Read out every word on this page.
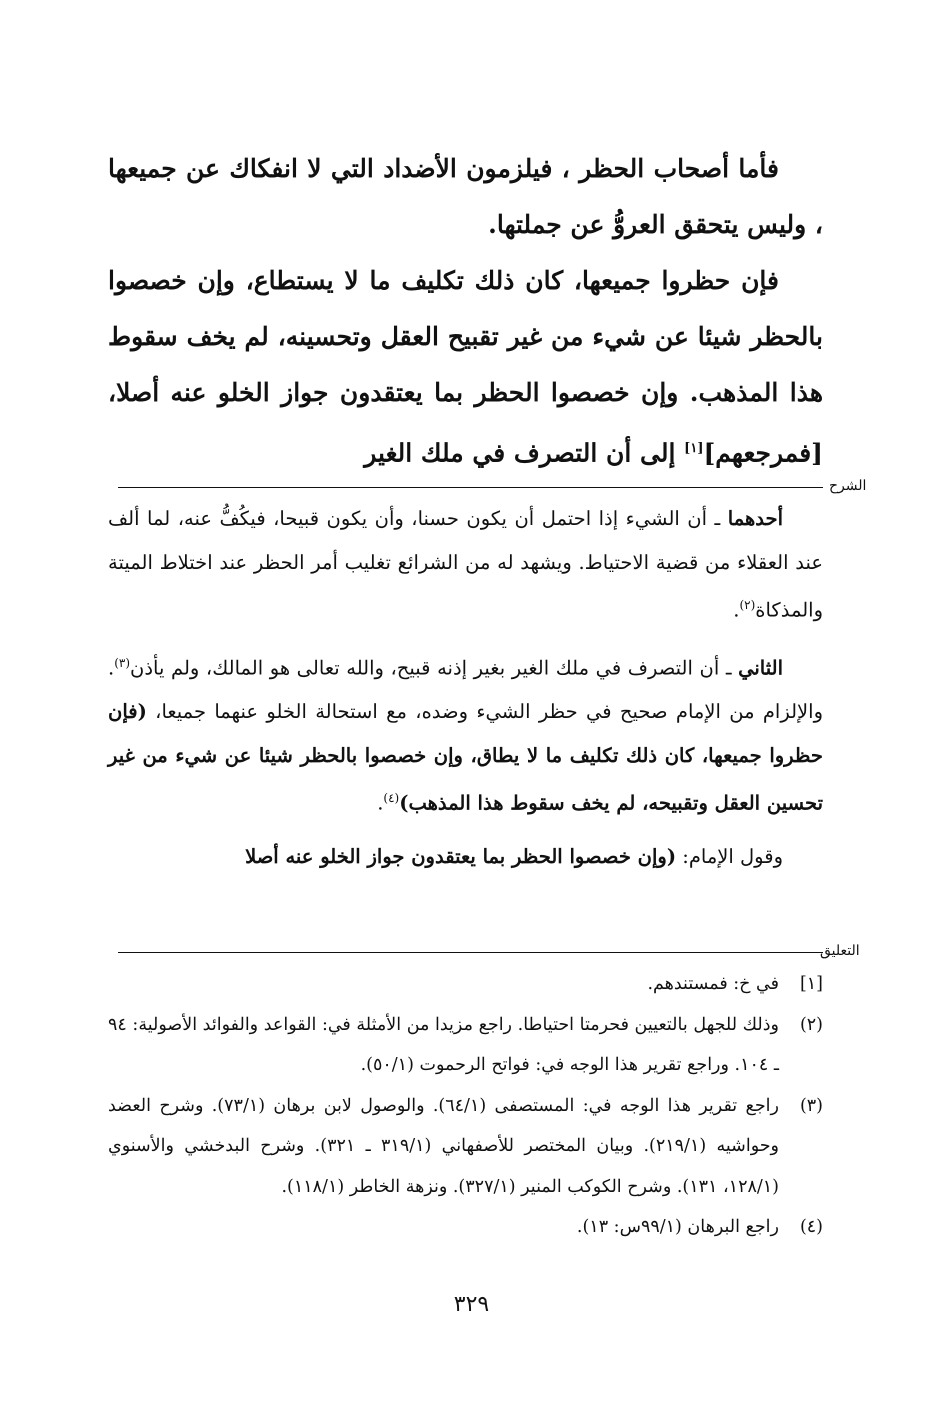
فأما أصحاب الحظر ، فيلزمون الأضداد التي لا انفكاك عن جميعها ، وليس يتحقق العروُّ عن جملتها.

فإن حظروا جميعها، كان ذلك تكليف ما لا يستطاع، وإن خصصوا بالحظر شيئا عن شيء من غير تقبيح العقل وتحسينه، لم يخف سقوط هذا المذهب. وإن خصصوا الحظر بما يعتقدون جواز الخلو عنه أصلا، [فمرجعهم][١] إلى أن التصرف في ملك الغير

الشرح

أحدهما ـ أن الشيء إذا احتمل أن يكون حسنا، وأن يكون قبيحا، فيكُفُّ عنه، لما ألف عند العقلاء من قضية الاحتياط. ويشهد له من الشرائع تغليب أمر الحظر عند اختلاط الميتة والمذكاة$^{(٢)}$.

الثاني ـ أن التصرف في ملك الغير بغير إذنه قبيح، والله تعالى هو المالك، ولم يأذن$^{(٣)}$. والإلزام من الإمام صحيح في حظر الشيء وضده، مع استحالة الخلو عنهما جميعا، (فإن حظروا جميعها، كان ذلك تكليف ما لا يطاق، وإن خصصوا بالحظر شيئا عن شيء من غير تحسين العقل وتقبيحه، لم يخف سقوط هذا المذهب)$^{(٤)}$.

وقول الإمام: (وإن خصصوا الحظر بما يعتقدون جواز الخلو عنه أصلا

التعليق
[١]
في خ: فمستندهم.
(٢)
وذلك للجهل بالتعيين فحرمتا احتياطا. راجع مزيدا من الأمثلة في: القواعد والفوائد الأصولية: ٩٤ ـ ١٠٤. وراجع تقرير هذا الوجه في: فواتح الرحموت (٥٠/١).
(٣)
راجع تقرير هذا الوجه في: المستصفى (٦٤/١). والوصول لابن برهان (٧٣/١). وشرح العضد وحواشيه (٢١٩/١). وبيان المختصر للأصفهاني (٣١٩/١ ـ ٣٢١). وشرح البدخشي والأسنوي (١٢٨/١، ١٣١). وشرح الكوكب المنير (٣٢٧/١). ونزهة الخاطر (١١٨/١).
(٤)
راجع البرهان (٩٩/١س: ١٣).
٣٢٩
